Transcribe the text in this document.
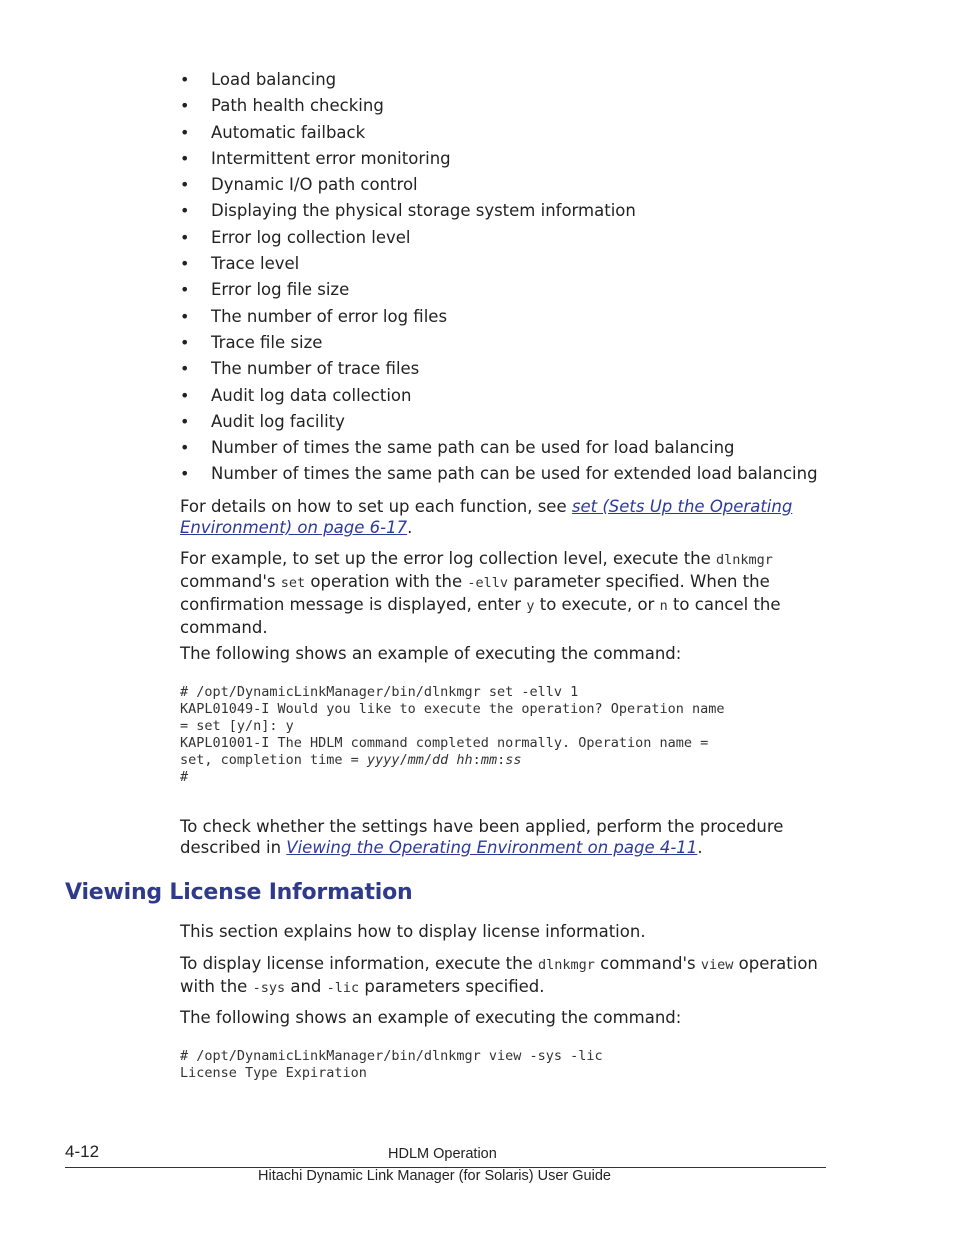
• Load balancing
• Path health checking
• Automatic failback
• Intermittent error monitoring
• Dynamic I/O path control
• Displaying the physical storage system information
• Error log collection level
• Trace level
• Error log file size
• The number of error log files
• Trace file size
• The number of trace files
• Audit log data collection
• Audit log facility
• Number of times the same path can be used for load balancing
• Number of times the same path can be used for extended load balancing

For details on how to set up each function, see set (Sets Up the Operating Environment) on page 6-17.

For example, to set up the error log collection level, execute the dlnkmgr command's set operation with the -ellv parameter specified. When the confirmation message is displayed, enter y to execute, or n to cancel the command.

The following shows an example of executing the command:

# /opt/DynamicLinkManager/bin/dlnkmgr set -ellv 1
KAPL01049-I Would you like to execute the operation? Operation name
= set [y/n]: y
KAPL01001-I The HDLM command completed normally. Operation name =
set, completion time = yyyy/mm/dd hh:mm:ss
#

To check whether the settings have been applied, perform the procedure described in Viewing the Operating Environment on page 4-11.

Viewing License Information

This section explains how to display license information.

To display license information, execute the dlnkmgr command's view operation with the -sys and -lic parameters specified.

The following shows an example of executing the command:

# /opt/DynamicLinkManager/bin/dlnkmgr view -sys -lic
License Type Expiration
4-12	HDLM Operation
Hitachi Dynamic Link Manager (for Solaris) User Guide
